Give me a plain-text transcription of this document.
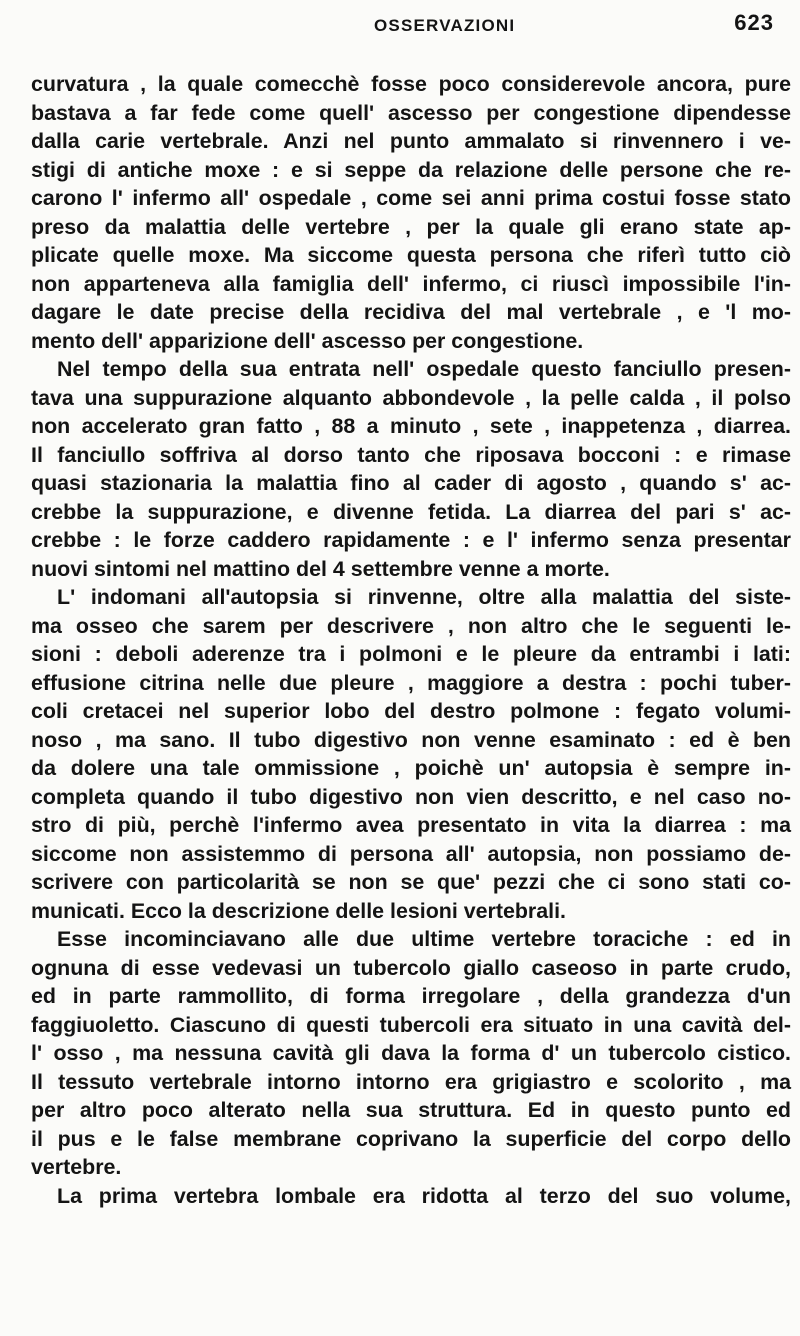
OSSERVAZIONI	623
curvatura , la quale comecchè fosse poco considerevole ancora, pure
bastava a far fede come quell' ascesso per congestione dipendesse
dalla carie vertebrale. Anzi nel punto ammalato si rinvennero i ve-
stigi di antiche moxe : e si seppe da relazione delle persone che re-
carono l' infermo all' ospedale , come sei anni prima costui fosse stato
preso da malattia delle vertebre , per la quale gli erano state ap-
plicate quelle moxe. Ma siccome questa persona che riferì tutto ciò
non apparteneva alla famiglia dell' infermo, ci riuscì impossibile l'in-
dagare le date precise della recidiva del mal vertebrale , e 'l mo-
mento dell' apparizione dell' ascesso per congestione.
Nel tempo della sua entrata nell' ospedale questo fanciullo presen-
tava una suppurazione alquanto abbondevole , la pelle calda , il polso
non accelerato gran fatto , 88 a minuto , sete , inappetenza , diarrea.
Il fanciullo soffriva al dorso tanto che riposava bocconi : e rimase
quasi stazionaria la malattia fino al cader di agosto , quando s' ac-
crebbe la suppurazione, e divenne fetida. La diarrea del pari s' ac-
crebbe : le forze caddero rapidamente : e l' infermo senza presentar
nuovi sintomi nel mattino del 4 settembre venne a morte.
L' indomani all'autopsia si rinvenne, oltre alla malattia del siste-
ma osseo che sarem per descrivere , non altro che le seguenti le-
sioni : deboli aderenze tra i polmoni e le pleure da entrambi i lati:
effusione citrina nelle due pleure , maggiore a destra : pochi tuber-
coli cretacei nel superior lobo del destro polmone : fegato volumi-
noso , ma sano. Il tubo digestivo non venne esaminato : ed è ben
da dolere una tale ommissione , poichè un' autopsia è sempre in-
completa quando il tubo digestivo non vien descritto, e nel caso no-
stro di più, perchè l'infermo avea presentato in vita la diarrea : ma
siccome non assistemmo di persona all' autopsia, non possiamo de-
scrivere con particolarità se non se que' pezzi che ci sono stati co-
municati. Ecco la descrizione delle lesioni vertebrali.
Esse incominciavano alle due ultime vertebre toraciche : ed in
ognuna di esse vedevasi un tubercolo giallo caseoso in parte crudo,
ed in parte rammollito, di forma irregolare , della grandezza d'un
faggiuoletto. Ciascuno di questi tubercoli era situato in una cavità del-
l' osso , ma nessuna cavità gli dava la forma d' un tubercolo cistico.
Il tessuto vertebrale intorno intorno era grigiastro e scolorito , ma
per altro poco alterato nella sua struttura. Ed in questo punto ed
il pus e le false membrane coprivano la superficie del corpo dello
vertebre.
La prima vertebra lombale era ridotta al terzo del suo volume,
